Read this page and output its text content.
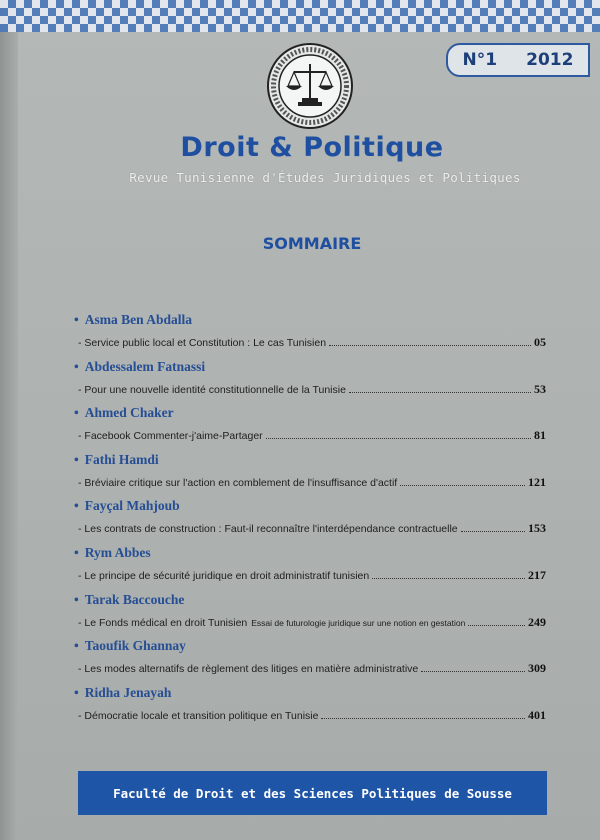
N°1 2012
Droit & Politique
Revue Tunisienne d'Études Juridiques et Politiques
SOMMAIRE
• Asma Ben Abdalla
- Service public local et Constitution : Le cas Tunisien	05
• Abdessalem Fatnassi
- Pour une nouvelle identité constitutionnelle de la Tunisie	53
• Ahmed Chaker
- Facebook Commenter-j'aime-Partager	81
• Fathi Hamdi
- Bréviaire critique sur l'action en comblement de l'insuffisance d'actif	121
• Fayçal Mahjoub
- Les contrats de construction : Faut-il reconnaître l'interdépendance contractuelle	153
• Rym Abbes
- Le principe de sécurité juridique en droit administratif tunisien	217
• Tarak Baccouche
- Le Fonds médical en droit Tunisien Essai de futurologie juridique sur une notion en gestation	249
• Taoufik Ghannay
- Les modes alternatifs de règlement des litiges en matière administrative	309
• Ridha Jenayah
- Démocratie locale et transition politique en Tunisie	401
Faculté de Droit et des Sciences Politiques de Sousse
